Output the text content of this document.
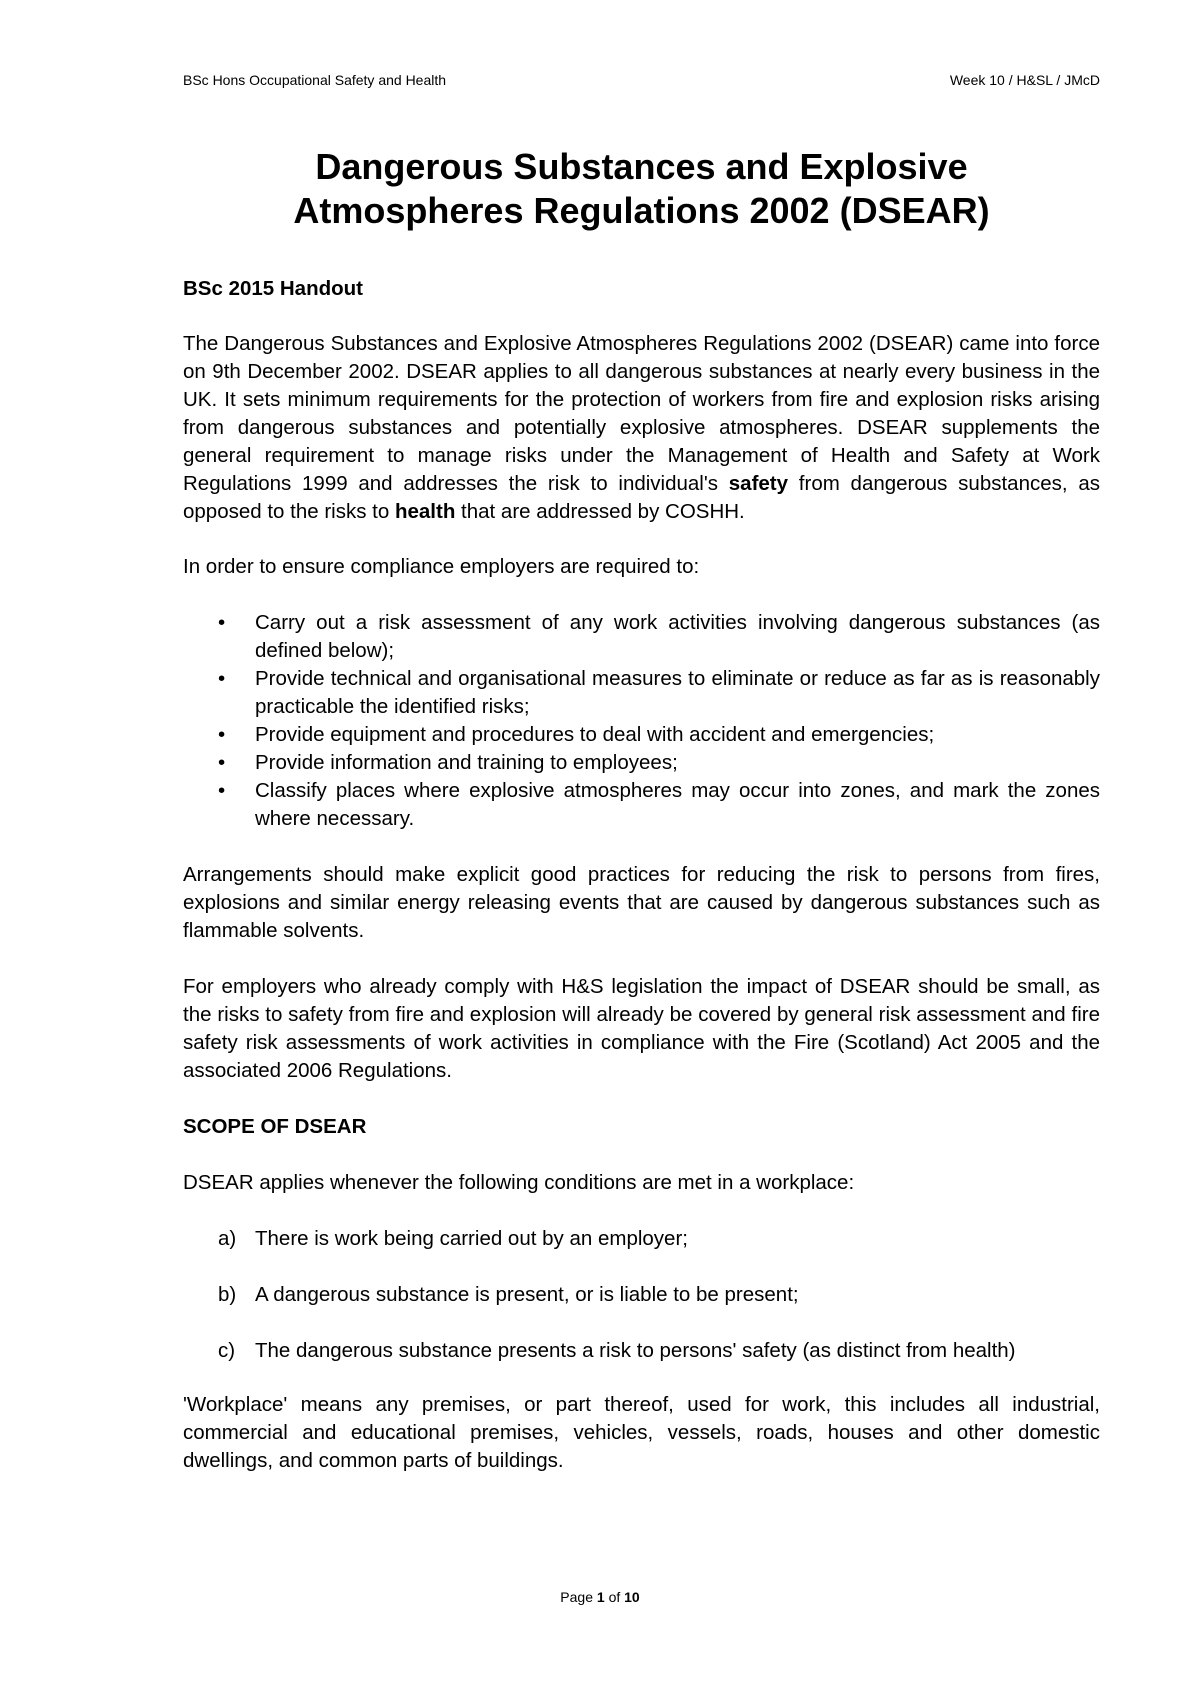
BSc Hons Occupational Safety and Health	Week 10 / H&SL / JMcD
Dangerous Substances and Explosive
Atmospheres Regulations 2002 (DSEAR)

BSc 2015 Handout

The Dangerous Substances and Explosive Atmospheres Regulations 2002 (DSEAR) came into force on 9th December 2002. DSEAR applies to all dangerous substances at nearly every business in the UK. It sets minimum requirements for the protection of workers from fire and explosion risks arising from dangerous substances and potentially explosive atmospheres. DSEAR supplements the general requirement to manage risks under the Management of Health and Safety at Work Regulations 1999 and addresses the risk to individual's safety from dangerous substances, as opposed to the risks to health that are addressed by COSHH.

In order to ensure compliance employers are required to:

• Carry out a risk assessment of any work activities involving dangerous substances (as defined below);
• Provide technical and organisational measures to eliminate or reduce as far as is reasonably practicable the identified risks;
• Provide equipment and procedures to deal with accident and emergencies;
• Provide information and training to employees;
• Classify places where explosive atmospheres may occur into zones, and mark the zones where necessary.

Arrangements should make explicit good practices for reducing the risk to persons from fires, explosions and similar energy releasing events that are caused by dangerous substances such as flammable solvents.

For employers who already comply with H&S legislation the impact of DSEAR should be small, as the risks to safety from fire and explosion will already be covered by general risk assessment and fire safety risk assessments of work activities in compliance with the Fire (Scotland) Act 2005 and the associated 2006 Regulations.

SCOPE OF DSEAR

DSEAR applies whenever the following conditions are met in a workplace:

a) There is work being carried out by an employer;
b) A dangerous substance is present, or is liable to be present;
c) The dangerous substance presents a risk to persons' safety (as distinct from health)

'Workplace' means any premises, or part thereof, used for work, this includes all industrial, commercial and educational premises, vehicles, vessels, roads, houses and other domestic dwellings, and common parts of buildings.

Page 1 of 10
